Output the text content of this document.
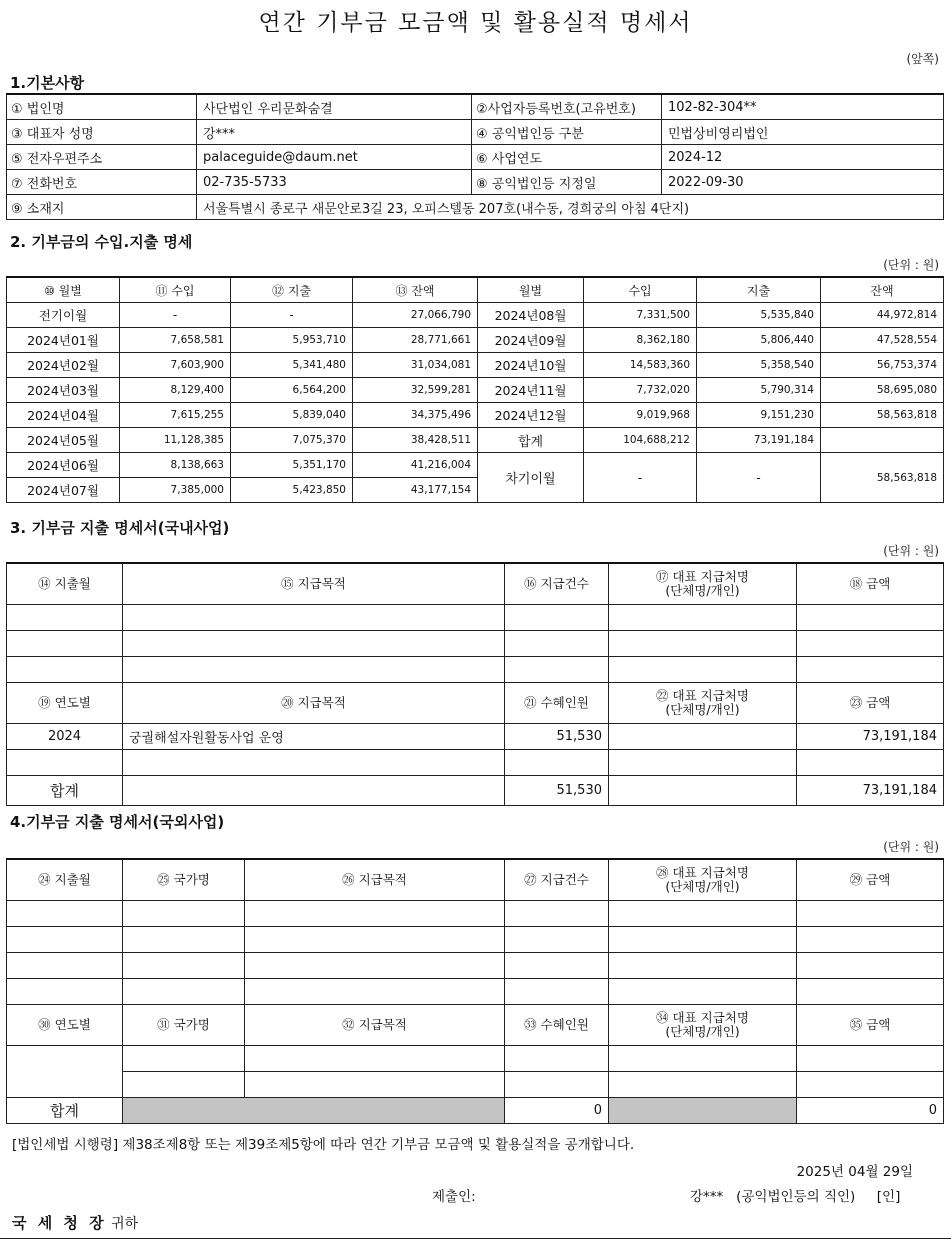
연간 기부금 모금액 및 활용실적 명세서
(앞쪽)
1.기본사항
① 법인명	사단법인 우리문화숨결	②사업자등록번호(고유번호)	102-82-304**
③ 대표자 성명	강***	④ 공익법인등 구분	민법상비영리법인
⑤ 전자우편주소	palaceguide@daum.net	⑥ 사업연도	2024-12
⑦ 전화번호	02-735-5733	⑧ 공익법인등 지정일	2022-09-30
⑨ 소재지	서울특별시 종로구 새문안로3길 23, 오피스텔동 207호(내수동, 경희궁의 아침 4단지)		
2. 기부금의 수입.지출 명세
(단위 : 원)
⑩ 월별	⑪ 수입	⑫ 지출	⑬ 잔액	월별	수입	지출	잔액
전기이월	-	-	27,066,790	2024년08월	7,331,500	5,535,840	44,972,814
2024년01월	7,658,581	5,953,710	28,771,661	2024년09월	8,362,180	5,806,440	47,528,554
2024년02월	7,603,900	5,341,480	31,034,081	2024년10월	14,583,360	5,358,540	56,753,374
2024년03월	8,129,400	6,564,200	32,599,281	2024년11월	7,732,020	5,790,314	58,695,080
2024년04월	7,615,255	5,839,040	34,375,496	2024년12월	9,019,968	9,151,230	58,563,818
2024년05월	11,128,385	7,075,370	38,428,511	합계	104,688,212	73,191,184	
2024년06월	8,138,663	5,351,170	41,216,004	차기이월	-	-	58,563,818
2024년07월	7,385,000	5,423,850	43,177,154				
3. 기부금 지출 명세서(국내사업)
(단위 : 원)
⑭ 지출월	⑮ 지급목적	⑯ 지급건수	⑰ 대표 지급처명
(단체명/개인)	⑱ 금액

⑲ 연도별	⑳ 지급목적	㉑ 수혜인원	㉒ 대표 지급처명
(단체명/개인)	㉓ 금액
2024	궁궐해설자원활동사업 운영	51,530		73,191,184

합계		51,530		73,191,184
4.기부금 지출 명세서(국외사업)
(단위 : 원)
㉔ 지출월	㉕ 국가명	㉖ 지급목적	㉗ 지급건수	㉘ 대표 지급처명
(단체명/개인)	㉙ 금액

㉚ 연도별	㉛ 국가명	㉜ 지급목적	㉝ 수혜인원	㉞ 대표 지급처명
(단체명/개인)	㉟ 금액

합계			0		0
[법인세법 시행령] 제38조제8항 또는 제39조제5항에 따라 연간 기부금 모금액 및 활용실적을 공개합니다.
2025년 04월 29일
제출인:	강***   (공익법인등의 직인)     [인]
국 세 청 장 귀하
